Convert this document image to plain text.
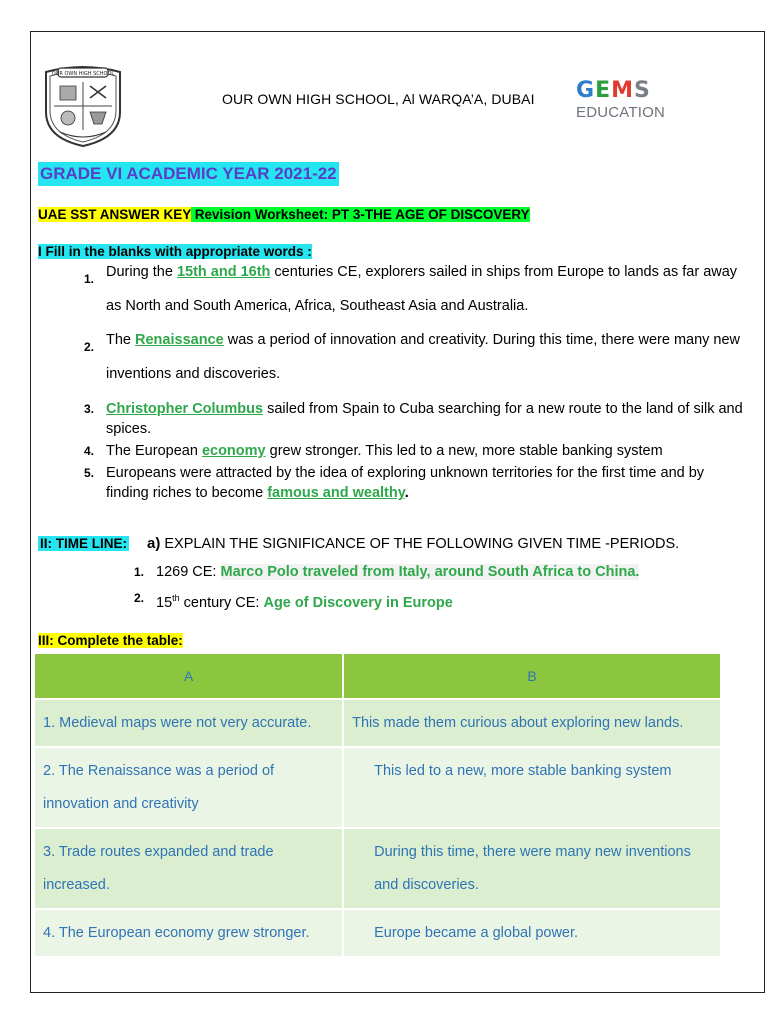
OUR OWN HIGH SCHOOL
OUR OWN HIGH SCHOOL, Al WARQA’A, DUBAI GEMS
EDUCATION
GRADE VI ACADEMIC YEAR 2021-22
UAE SST ANSWER KEY Revision Worksheet: PT 3-THE AGE OF DISCOVERY
I Fill in the blanks with appropriate words :
1. During the 15th and 16th centuries CE, explorers sailed in ships from Europe to lands as far away as North and South America, Africa, Southeast Asia and Australia.
2. The Renaissance was a period of innovation and creativity. During this time, there were many new inventions and discoveries.
3. Christopher Columbus sailed from Spain to Cuba searching for a new route to the land of silk and spices.
4. The European economy grew stronger. This led to a new, more stable banking system
5. Europeans were attracted by the idea of exploring unknown territories for the first time and by finding riches to become famous and wealthy.
II: TIME LINE: a) EXPLAIN THE SIGNIFICANCE OF THE FOLLOWING GIVEN TIME -PERIODS.
1. 1269 CE: Marco Polo traveled from Italy, around South Africa to China.
2. 15th century CE: Age of Discovery in Europe
III: Complete the table:
A	B
1. Medieval maps were not very accurate.	This made them curious about exploring new lands.
2. The Renaissance was a period of innovation and creativity	This led to a new, more stable banking system
3. Trade routes expanded and trade increased.	During this time, there were many new inventions and discoveries.
4. The European economy grew stronger.	Europe became a global power.
